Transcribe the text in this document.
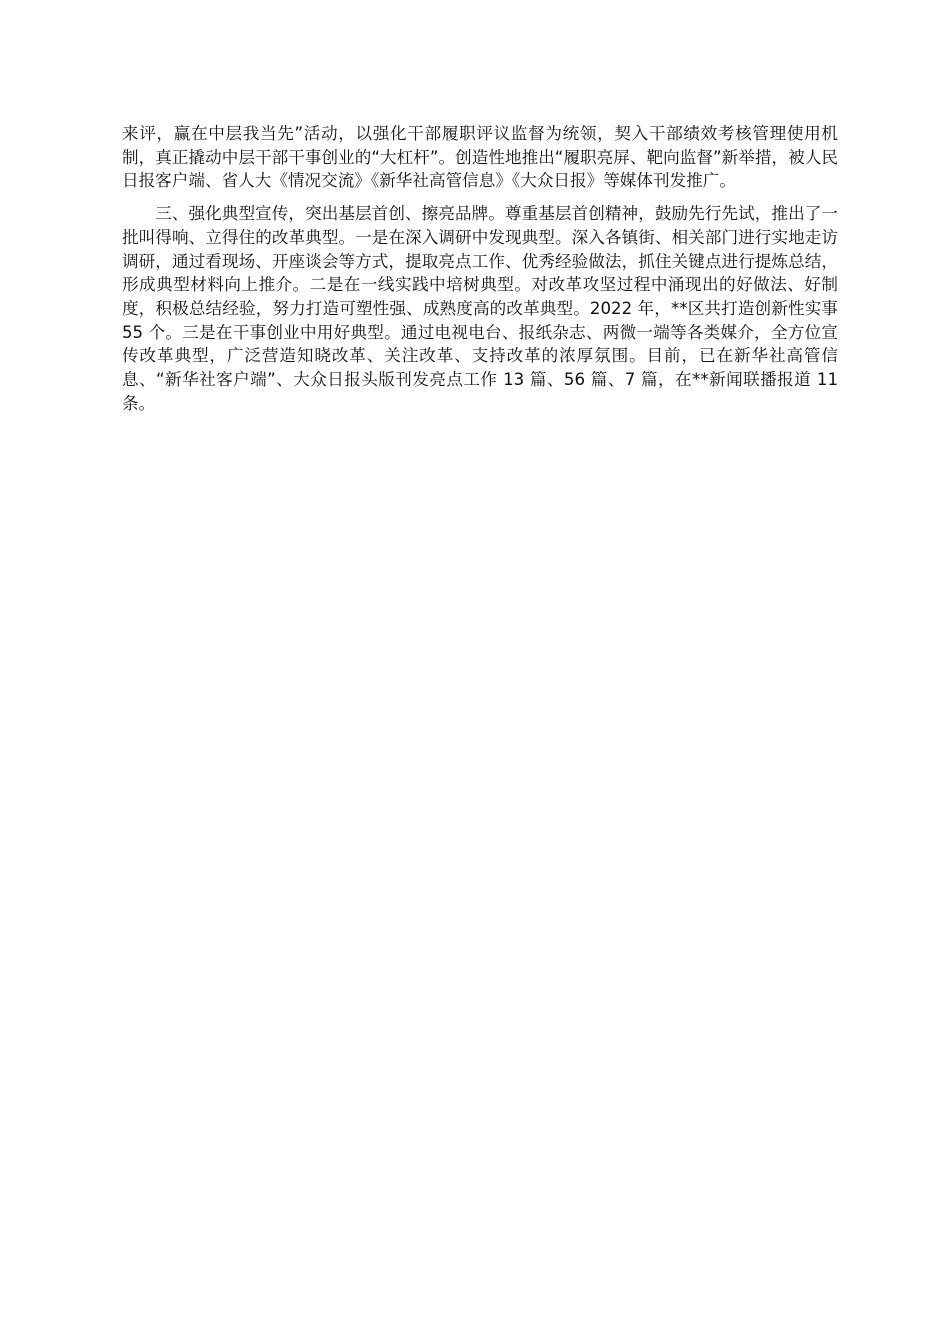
来评，赢在中层我当先”活动，以强化干部履职评议监督为统领，契入干部绩效考核管理使用机制，真正撬动中层干部干事创业的“大杠杆”。创造性地推出“履职亮屏、靶向监督”新举措，被人民日报客户端、省人大《情况交流》《新华社高管信息》《大众日报》等媒体刊发推广。

三、强化典型宣传，突出基层首创、擦亮品牌。尊重基层首创精神，鼓励先行先试，推出了一批叫得响、立得住的改革典型。一是在深入调研中发现典型。深入各镇街、相关部门进行实地走访调研，通过看现场、开座谈会等方式，提取亮点工作、优秀经验做法，抓住关键点进行提炼总结，形成典型材料向上推介。二是在一线实践中培树典型。对改革攻坚过程中涌现出的好做法、好制度，积极总结经验，努力打造可塑性强、成熟度高的改革典型。2022 年，**区共打造创新性实事 55 个。三是在干事创业中用好典型。通过电视电台、报纸杂志、两微一端等各类媒介，全方位宣传改革典型，广泛营造知晓改革、关注改革、支持改革的浓厚氛围。目前，已在新华社高管信息、“新华社客户端”、大众日报头版刊发亮点工作 13 篇、56 篇、7 篇，在**新闻联播报道 11 条。
